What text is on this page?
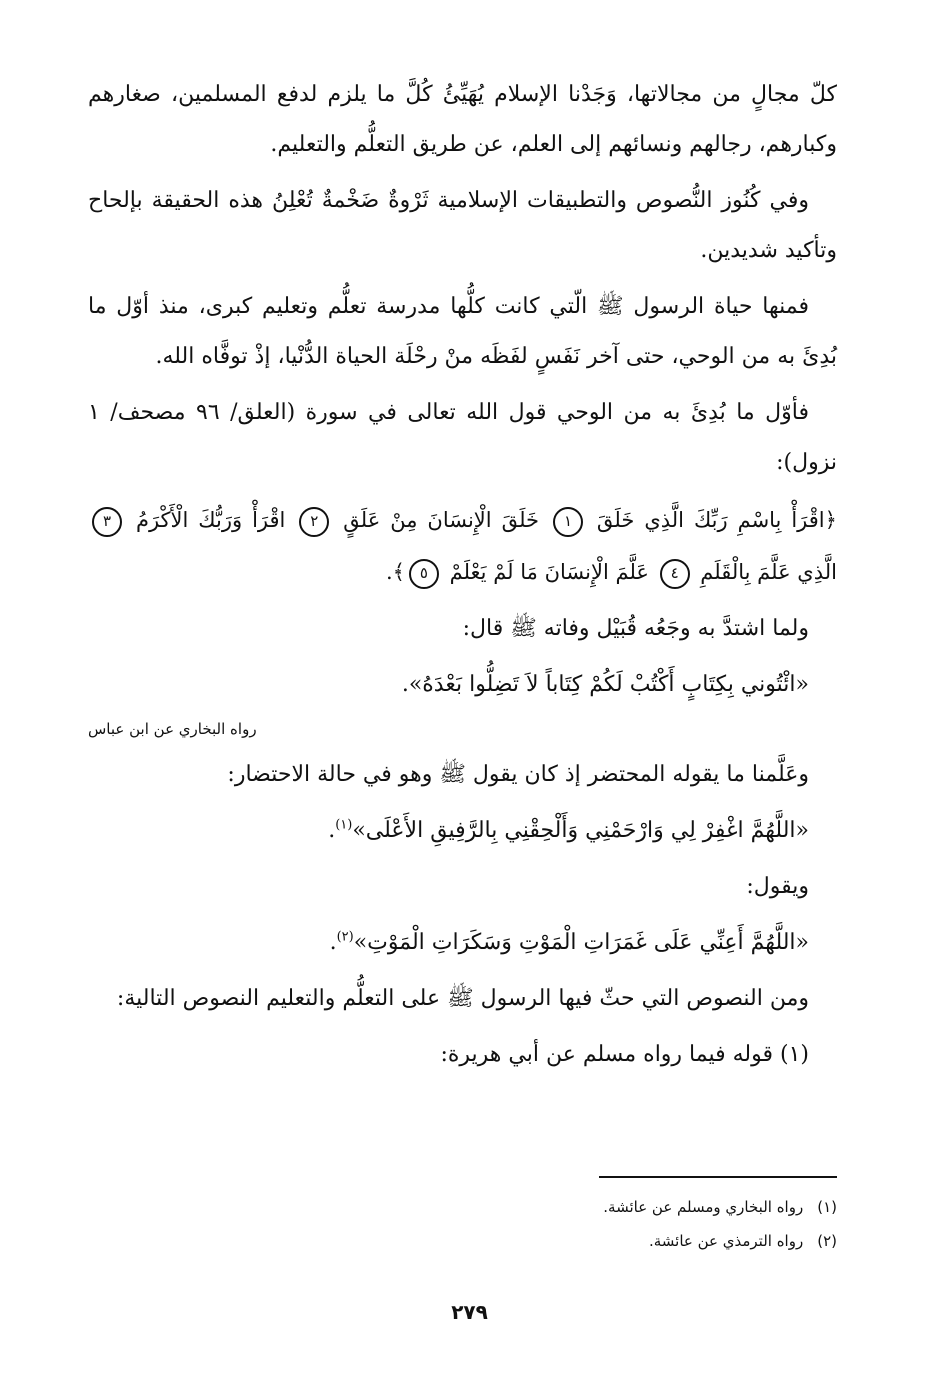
كلّ مجالٍ من مجالاتها، وَجَدْنا الإسلام يُهَيِّئُ كُلَّ ما يلزم لدفع المسلمين، صغارهم وكبارهم، رجالهم ونسائهم إلى العلم، عن طريق التعلُّم والتعليم.

وفي كُنُوز النُّصوص والتطبيقات الإسلامية ثَرْوةٌ ضَخْمةٌ تُعْلِنُ هذه الحقيقة بإلحاح وتأكيد شديدين.

فمنها حياة الرسول ﷺ الّتي كانت كلُّها مدرسة تعلُّم وتعليم كبرى، منذ أوّل ما بُدِئَ به من الوحي، حتى آخر نَفَسٍ لفَظَه منْ رحْلَة الحياة الدُّنْيا، إذْ توفَّاه الله.

فأوّل ما بُدِئَ به من الوحي قول الله تعالى في سورة (العلق/ ٩٦ مصحف/ ١ نزول):

﴿اقْرَأْ بِاسْمِ رَبِّكَ الَّذِي خَلَقَ ١ خَلَقَ الْإِنسَانَ مِنْ عَلَقٍ ٢ اقْرَأْ وَرَبُّكَ الْأَكْرَمُ ٣ الَّذِي عَلَّمَ بِالْقَلَمِ ٤ عَلَّمَ الْإِنسَانَ مَا لَمْ يَعْلَمْ ٥﴾.

ولما اشتدَّ به وجَعُه قُبَيْل وفاته ﷺ قال:

«ائْتُوني بِكِتَابٍ أَكْتُبْ لَكُمْ كِتَاباً لاَ تَضِلُّوا بَعْدَهُ».

رواه البخاري عن ابن عباس

وعَلَّمنا ما يقوله المحتضر إذ كان يقول ﷺ وهو في حالة الاحتضار:

«اللَّهُمَّ اغْفِرْ لِي وَارْحَمْنِي وَأَلْحِقْنِي بِالرَّفِيقِ الأَعْلَى»$^{(١)}$.

ويقول:

«اللَّهُمَّ أَعِنِّي عَلَى غَمَرَاتِ الْمَوْتِ وَسَكَرَاتِ الْمَوْتِ»$^{(٢)}$.

ومن النصوص التي حثّ فيها الرسول ﷺ على التعلُّم والتعليم النصوص التالية:

(١) قوله فيما رواه مسلم عن أبي هريرة:

(١)رواه البخاري ومسلم عن عائشة.
(٢)رواه الترمذي عن عائشة.
٢٧٩
